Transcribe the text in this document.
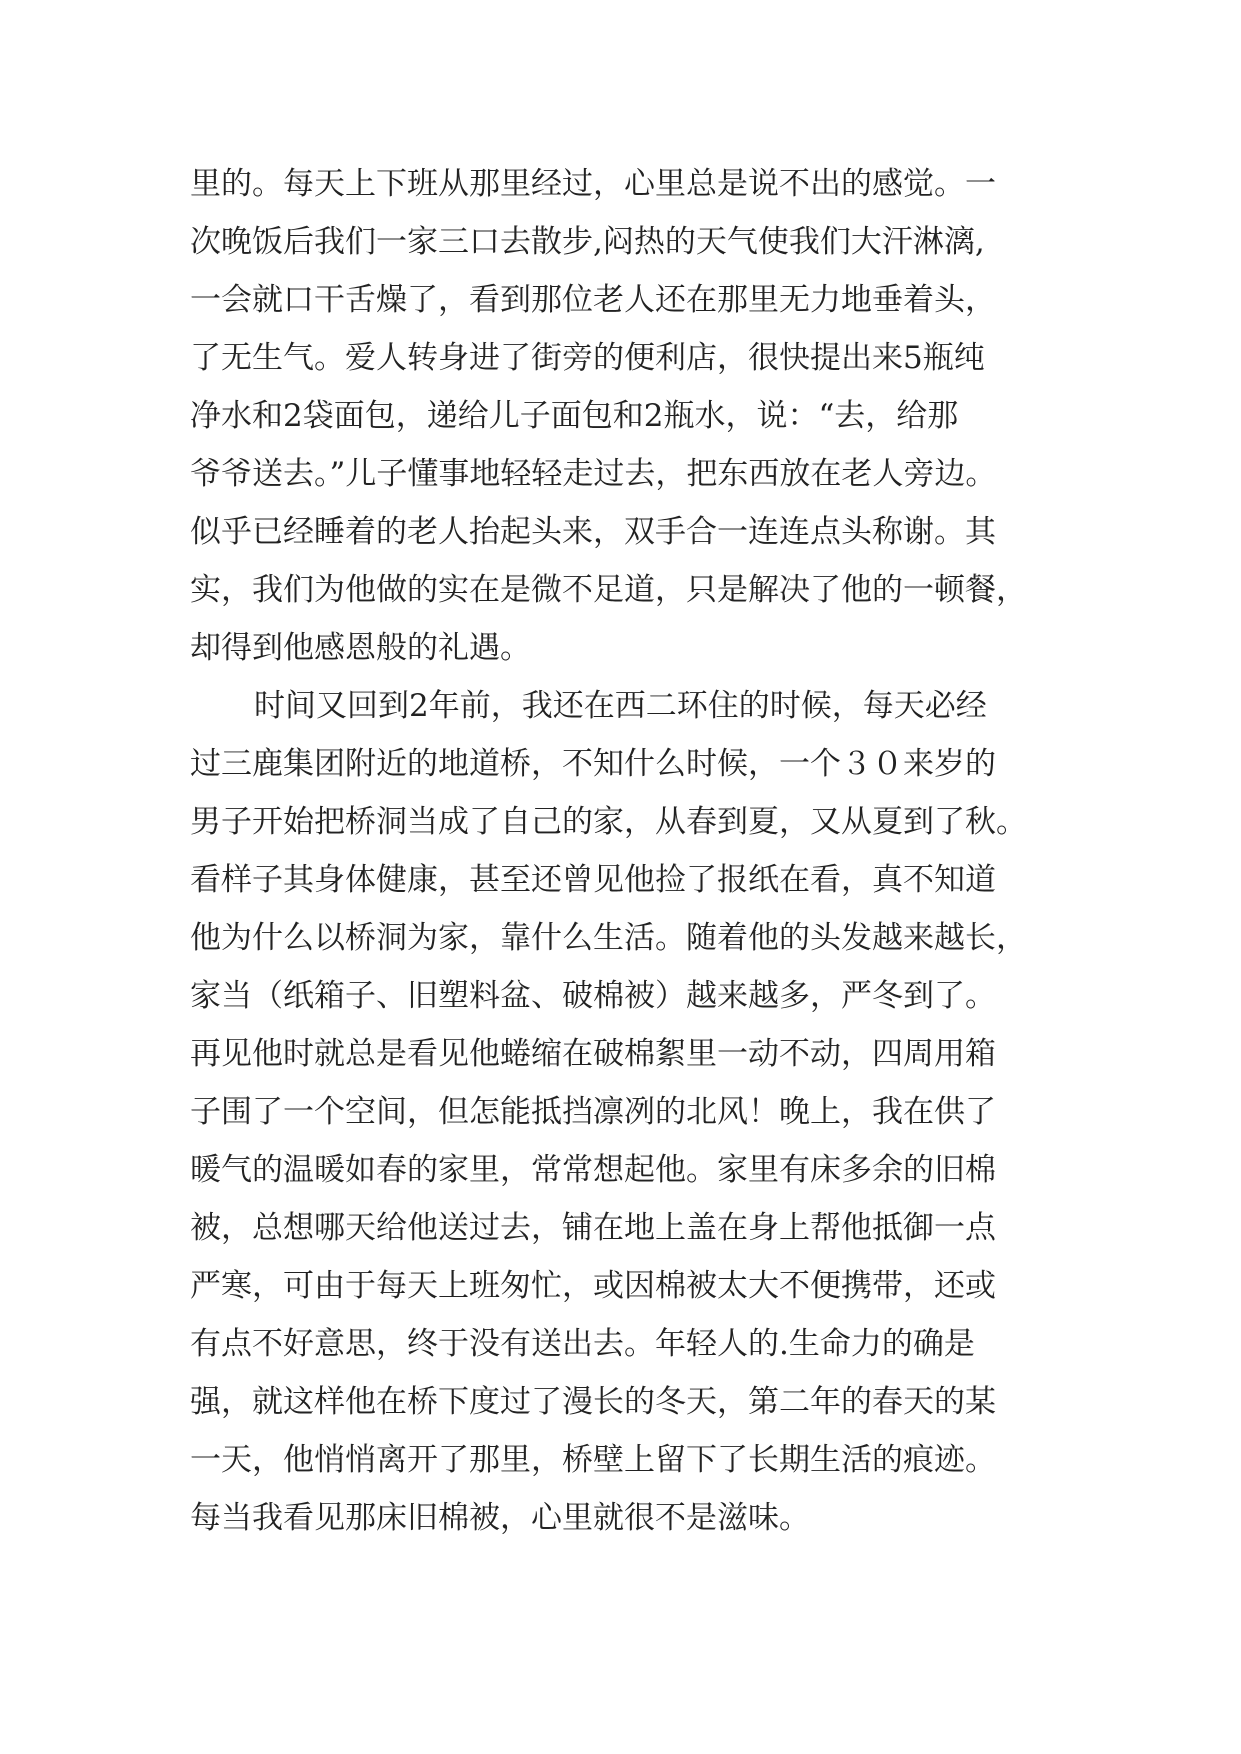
里的。每天上下班从那里经过，心里总是说不出的感觉。一
次晚饭后我们一家三口去散步,闷热的天气使我们大汗淋漓,
一会就口干舌燥了，看到那位老人还在那里无力地垂着头，
了无生气。爱人转身进了街旁的便利店，很快提出来5瓶纯
净水和2袋面包，递给儿子面包和2瓶水，说：“去，给那
爷爷送去。”儿子懂事地轻轻走过去，把东西放在老人旁边。
似乎已经睡着的老人抬起头来，双手合一连连点头称谢。其
实，我们为他做的实在是微不足道，只是解决了他的一顿餐，
却得到他感恩般的礼遇。
时间又回到2年前，我还在西二环住的时候，每天必经
过三鹿集团附近的地道桥，不知什么时候，一个３０来岁的
男子开始把桥洞当成了自己的家，从春到夏，又从夏到了秋。
看样子其身体健康，甚至还曾见他捡了报纸在看，真不知道
他为什么以桥洞为家，靠什么生活。随着他的头发越来越长，
家当（纸箱子、旧塑料盆、破棉被）越来越多，严冬到了。
再见他时就总是看见他蜷缩在破棉絮里一动不动，四周用箱
子围了一个空间，但怎能抵挡凛冽的北风！晚上，我在供了
暖气的温暖如春的家里，常常想起他。家里有床多余的旧棉
被，总想哪天给他送过去，铺在地上盖在身上帮他抵御一点
严寒，可由于每天上班匆忙，或因棉被太大不便携带，还或
有点不好意思，终于没有送出去。年轻人的.生命力的确是
强，就这样他在桥下度过了漫长的冬天，第二年的春天的某
一天，他悄悄离开了那里，桥壁上留下了长期生活的痕迹。
每当我看见那床旧棉被，心里就很不是滋味。
